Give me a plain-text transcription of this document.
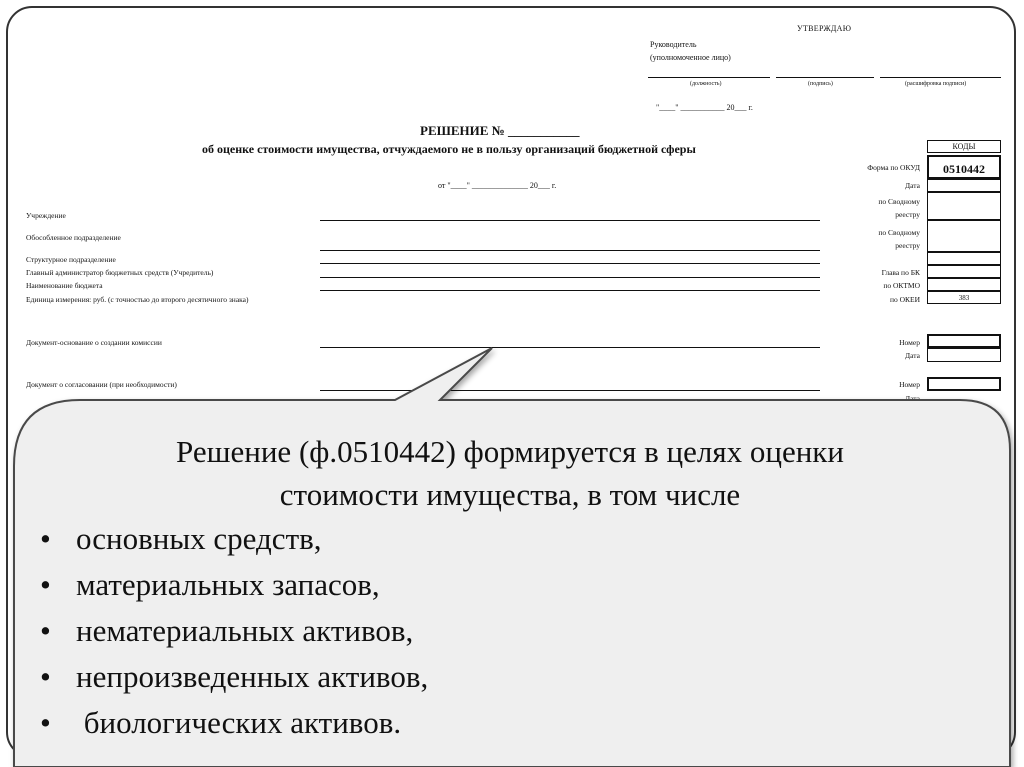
УТВЕРЖДАЮ
Руководитель
(уполномоченное лицо)
(должность)	(подпись)	(расшифровка подписи)
"____" ___________ 20___ г.
РЕШЕНИЕ № ___________
об оценке стоимости имущества, отчуждаемого не в пользу организаций бюджетной сферы
от "____" ______________ 20___ г.
КОДЫ
0510442
383
Форма по ОКУД
Дата
по Сводному
реестру
по Сводному
реестру
Глава по БК
по ОКТМО
по ОКЕИ
Номер
Дата
Номер
Дата
Учреждение
Обособленное подразделение
Структурное подразделение
Главный администратор бюджетных средств (Учредитель)
Наименование бюджета
Единица измерения: руб. (с точностью до второго десятичного знака)
Документ-основание о создании комиссии
Документ о согласовании (при необходимости)
Решение (ф.0510442) формируется в целях оценки
стоимости имущества, в том числе
• основных средств,
• материальных запасов,
• нематериальных активов,
• непроизведенных активов,
• биологических активов.
